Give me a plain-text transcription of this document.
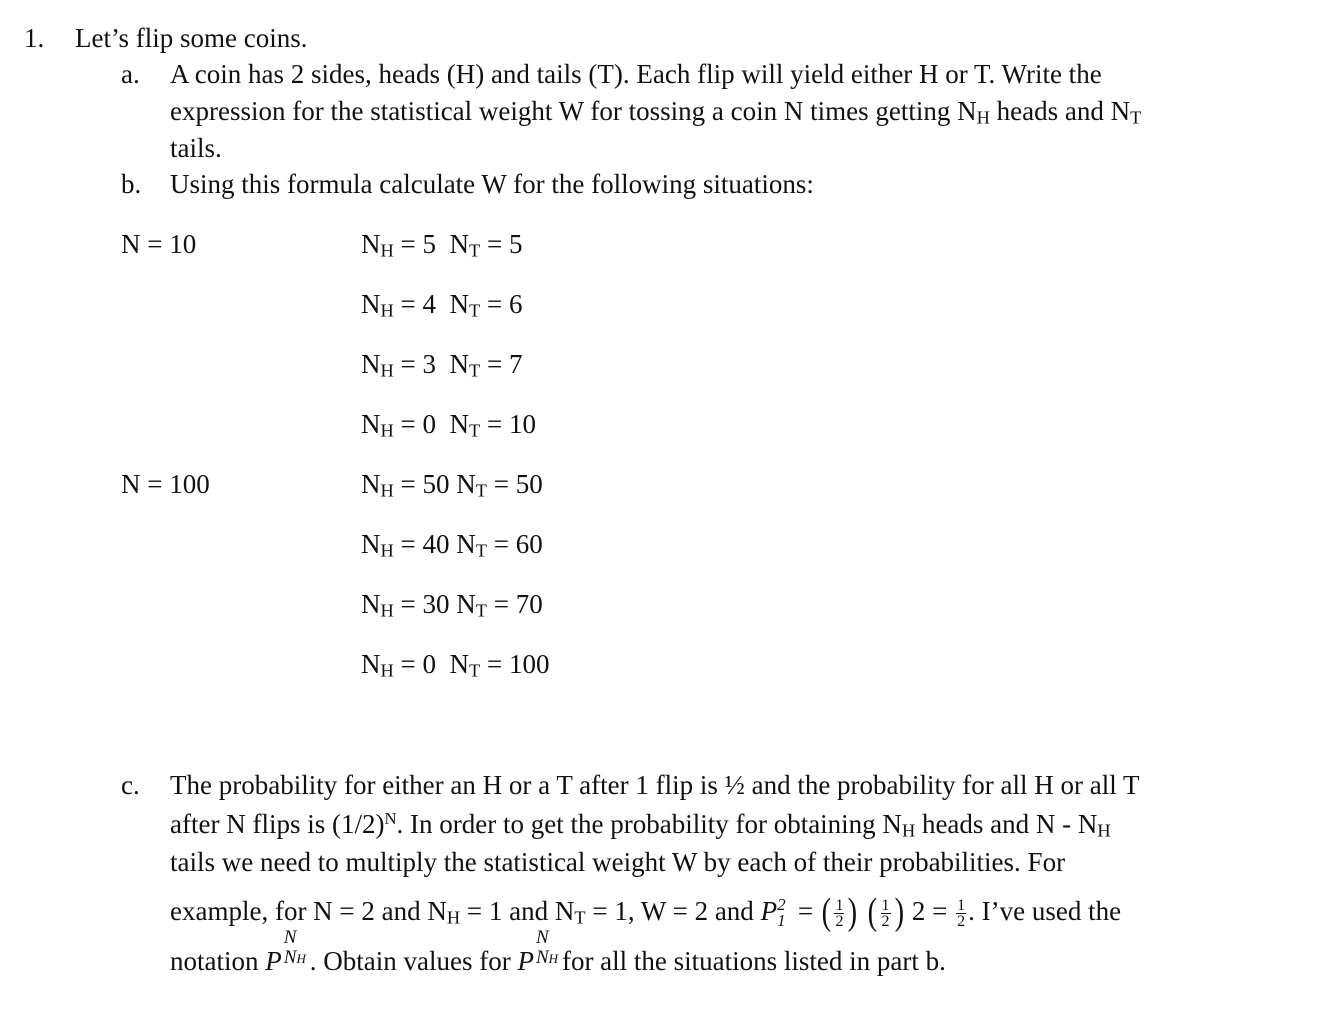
1. Let’s flip some coins.
a. A coin has 2 sides, heads (H) and tails (T). Each flip will yield either H or T. Write the
expression for the statistical weight W for tossing a coin N times getting NH heads and NT
tails.
b. Using this formula calculate W for the following situations:
N = 10	NH = 5 NT = 5
NH = 4 NT = 6
NH = 3 NT = 7
NH = 0 NT = 10
N = 100	NH = 50 NT = 50
NH = 40 NT = 60
NH = 30 NT = 70
NH = 0 NT = 100
c. The probability for either an H or a T after 1 flip is ½ and the probability for all H or all T
after N flips is $(1/2)^N$. In order to get the probability for obtaining NH heads and N - NH
tails we need to multiply the statistical weight W by each of their probabilities. For
example, for N = 2 and NH = 1 and NT = 1, W = 2 and P 2
1 = ( $\frac{1}{2}$ ) ( $\frac{1}{2}$ ) $2 = \frac{1}{2}$ . I’ve used the
notation P
N
NH . Obtain values for P
N
NH for all the situations listed in part b.
